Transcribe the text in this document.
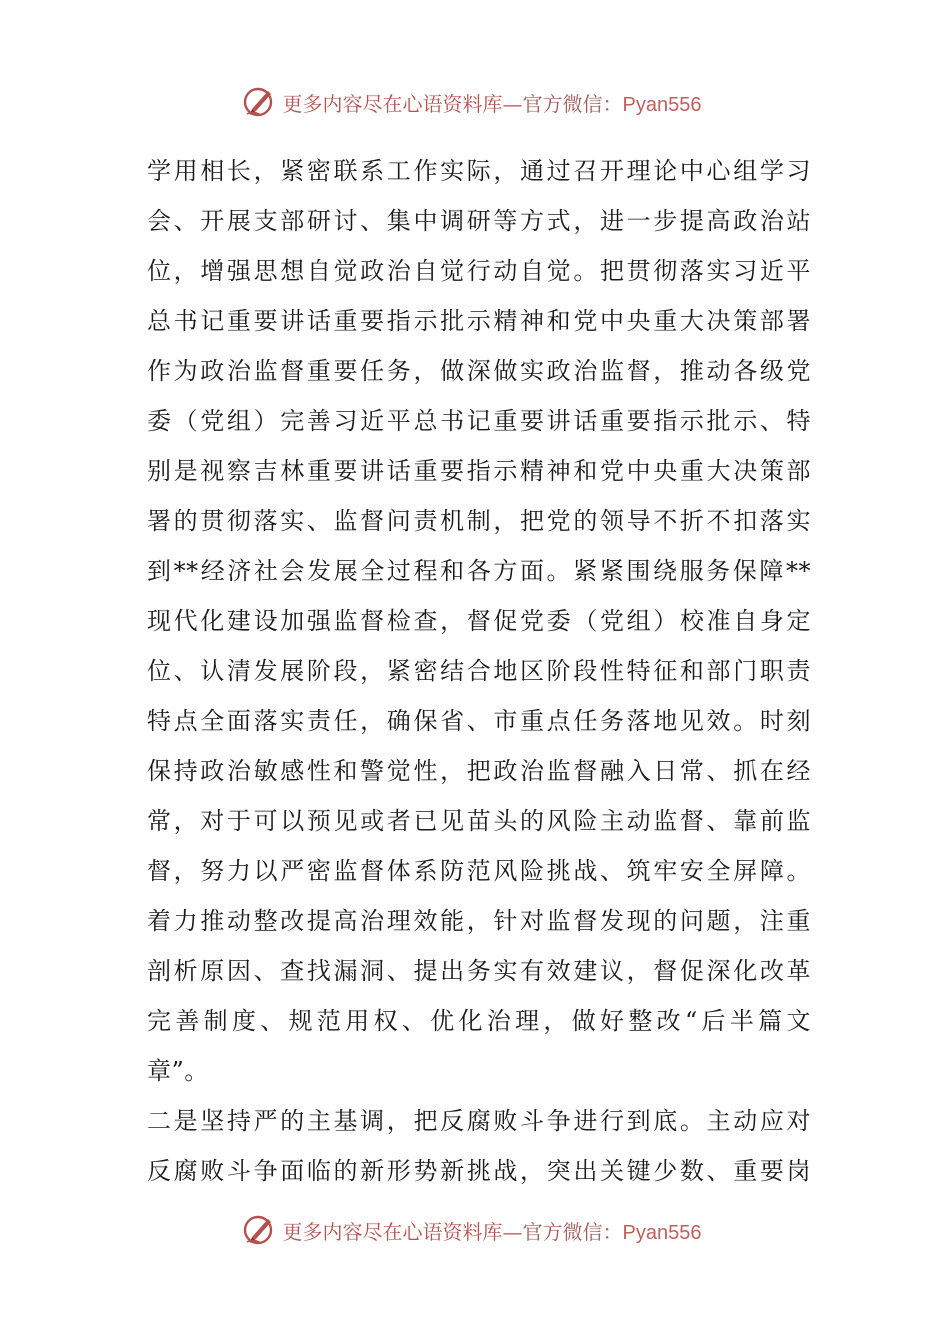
更多内容尽在心语资料库—官方微信：Pyan556
学用相长，紧密联系工作实际，通过召开理论中心组学习
会、开展支部研讨、集中调研等方式，进一步提高政治站
位，增强思想自觉政治自觉行动自觉。把贯彻落实习近平
总书记重要讲话重要指示批示精神和党中央重大决策部署
作为政治监督重要任务，做深做实政治监督，推动各级党
委（党组）完善习近平总书记重要讲话重要指示批示、特
别是视察吉林重要讲话重要指示精神和党中央重大决策部
署的贯彻落实、监督问责机制，把党的领导不折不扣落实
到**经济社会发展全过程和各方面。紧紧围绕服务保障**
现代化建设加强监督检查，督促党委（党组）校准自身定
位、认清发展阶段，紧密结合地区阶段性特征和部门职责
特点全面落实责任，确保省、市重点任务落地见效。时刻
保持政治敏感性和警觉性，把政治监督融入日常、抓在经
常，对于可以预见或者已见苗头的风险主动监督、靠前监
督，努力以严密监督体系防范风险挑战、筑牢安全屏障。
着力推动整改提高治理效能，针对监督发现的问题，注重
剖析原因、查找漏洞、提出务实有效建议，督促深化改革
完善制度、规范用权、优化治理，做好整改“后半篇文
章”。
二是坚持严的主基调，把反腐败斗争进行到底。主动应对
反腐败斗争面临的新形势新挑战，突出关键少数、重要岗
更多内容尽在心语资料库—官方微信：Pyan556
